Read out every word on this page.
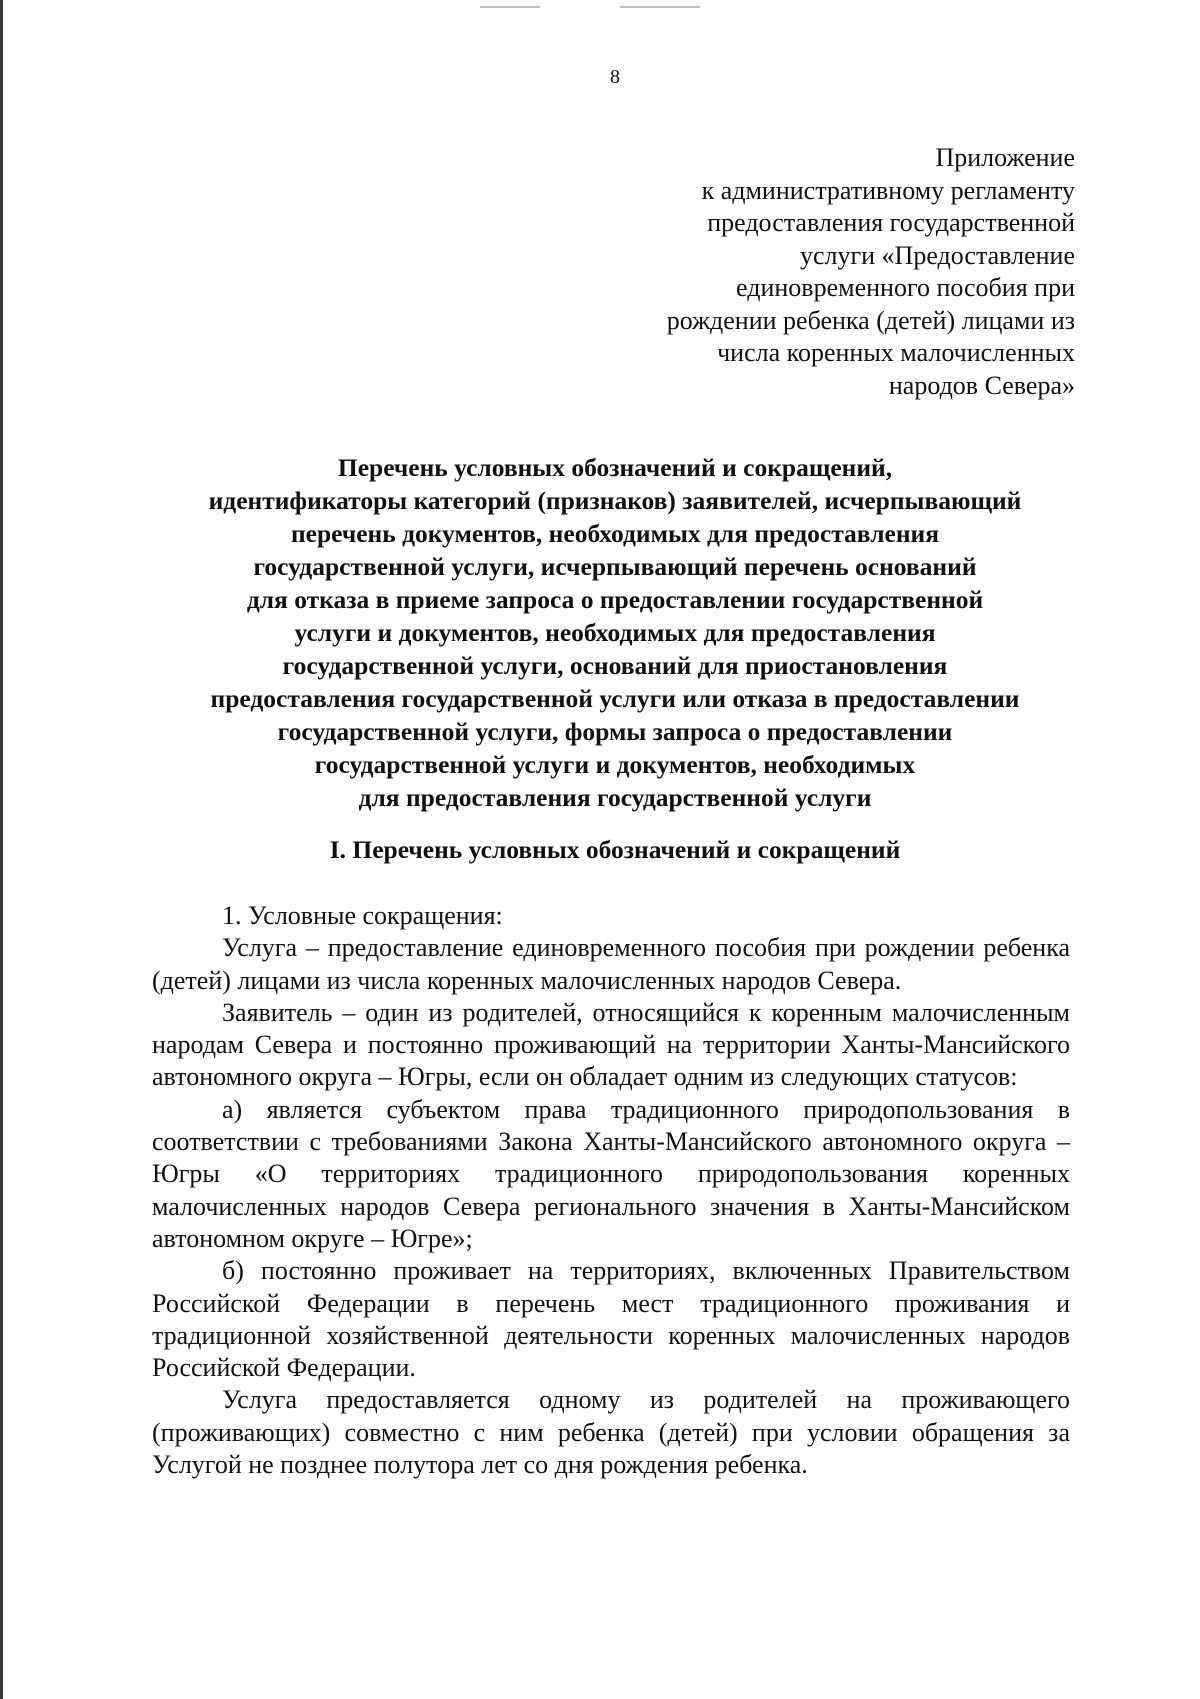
8
Приложение
к административному регламенту
предоставления государственной
услуги «Предоставление
единовременного пособия при
рождении ребенка (детей) лицами из
числа коренных малочисленных
народов Севера»
Перечень условных обозначений и сокращений,
идентификаторы категорий (признаков) заявителей, исчерпывающий
перечень документов, необходимых для предоставления
государственной услуги, исчерпывающий перечень оснований
для отказа в приеме запроса о предоставлении государственной
услуги и документов, необходимых для предоставления
государственной услуги, оснований для приостановления
предоставления государственной услуги или отказа в предоставлении
государственной услуги, формы запроса о предоставлении
государственной услуги и документов, необходимых
для предоставления государственной услуги
I. Перечень условных обозначений и сокращений

1. Условные сокращения:

Услуга – предоставление единовременного пособия при рождении ребенка (детей) лицами из числа коренных малочисленных народов Севера.

Заявитель – один из родителей, относящийся к коренным малочисленным народам Севера и постоянно проживающий на территории Ханты-Мансийского автономного округа – Югры, если он обладает одним из следующих статусов:

а) является субъектом права традиционного природопользования в соответствии с требованиями Закона Ханты-Мансийского автономного округа – Югры «О территориях традиционного природопользования коренных малочисленных народов Севера регионального значения в Ханты-Мансийском автономном округе – Югре»;

б) постоянно проживает на территориях, включенных Правительством Российской Федерации в перечень мест традиционного проживания и традиционной хозяйственной деятельности коренных малочисленных народов Российской Федерации.

Услуга предоставляется одному из родителей на проживающего (проживающих) совместно с ним ребенка (детей) при условии обращения за Услугой не позднее полутора лет со дня рождения ребенка.
